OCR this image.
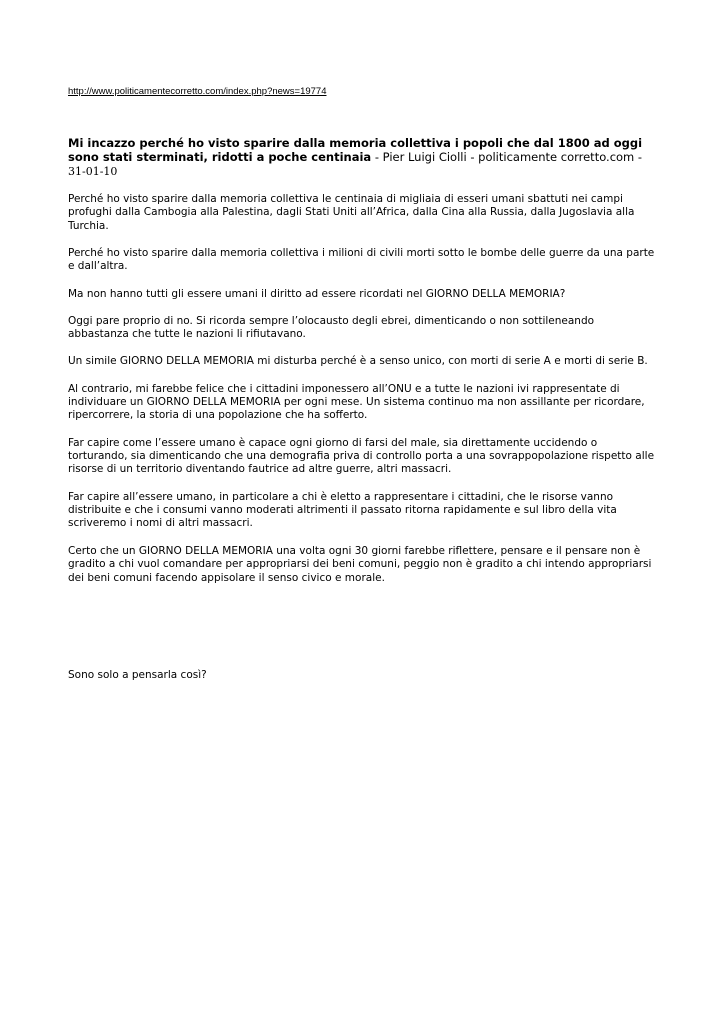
http://www.politicamentecorretto.com/index.php?news=19774
Mi incazzo perché ho visto sparire dalla memoria collettiva i popoli che dal 1800 ad oggi sono stati sterminati, ridotti a poche centinaia - Pier Luigi Ciolli - politicamente corretto.com - 31-01-10

Perché ho visto sparire dalla memoria collettiva le centinaia di migliaia di esseri umani sbattuti nei campi profughi dalla Cambogia alla Palestina, dagli Stati Uniti all’Africa, dalla Cina alla Russia, dalla Jugoslavia alla Turchia.

Perché ho visto sparire dalla memoria collettiva i milioni di civili morti sotto le bombe delle guerre da una parte e dall’altra.

Ma non hanno tutti gli essere umani il diritto ad essere ricordati nel GIORNO DELLA MEMORIA?

Oggi pare proprio di no. Si ricorda sempre l’olocausto degli ebrei, dimenticando o non sottileneando abbastanza che tutte le nazioni li rifiutavano.

Un simile GIORNO DELLA MEMORIA mi disturba perché è a senso unico, con morti di serie A e morti di serie B.

Al contrario, mi farebbe felice che i cittadini imponessero all’ONU e a tutte le nazioni ivi rappresentate di individuare un GIORNO DELLA MEMORIA per ogni mese. Un sistema continuo ma non assillante per ricordare, ripercorrere, la storia di una popolazione che ha sofferto.

Far capire come l’essere umano è capace ogni giorno di farsi del male, sia direttamente uccidendo o torturando, sia dimenticando che una demografia priva di controllo porta a una sovrappopolazione rispetto alle risorse di un territorio diventando fautrice ad altre guerre, altri massacri.

Far capire all’essere umano, in particolare a chi è eletto a rappresentare i cittadini, che le risorse vanno distribuite e che i consumi vanno moderati altrimenti il passato ritorna rapidamente e sul libro della vita scriveremo i nomi di altri massacri.

Certo che un GIORNO DELLA MEMORIA una volta ogni 30 giorni farebbe riflettere, pensare e il pensare non è gradito a chi vuol comandare per appropriarsi dei beni comuni, peggio non è gradito a chi intendo appropriarsi dei beni comuni facendo appisolare il senso civico e morale.

Sono solo a pensarla così?
